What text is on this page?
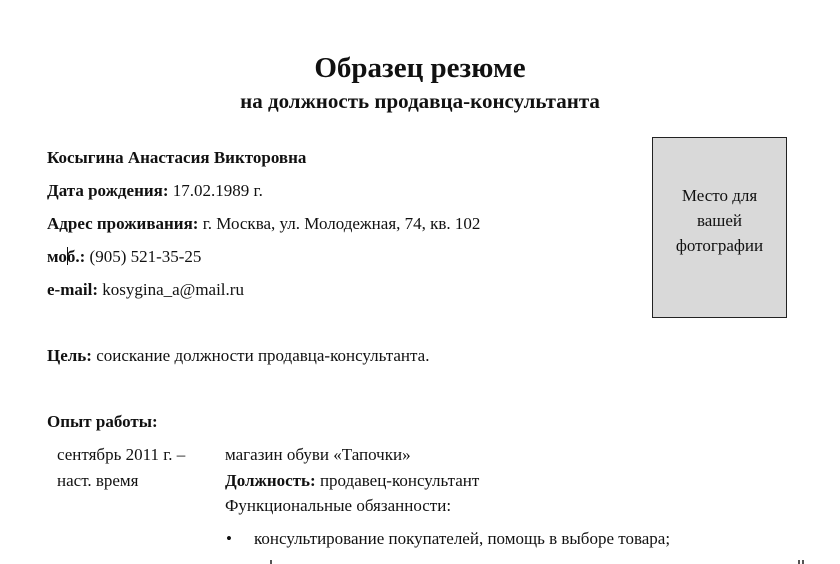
Образец резюме
на должность продавца-консультанта
Косыгина Анастасия Викторовна
Дата рождения: 17.02.1989 г.
Адрес проживания: г. Москва, ул. Молодежная, 74, кв. 102
моб.: (905) 521-35-25
e-mail: kosygina_a@mail.ru
Место для
вашей
фотографии
Цель: соискание должности продавца-консультанта.
Опыт работы:
сентябрь 2011 г. –
наст. время
магазин обуви «Тапочки»
Должность: продавец-консультант
Функциональные обязанности:
• консультирование покупателей, помощь в выборе товара;
